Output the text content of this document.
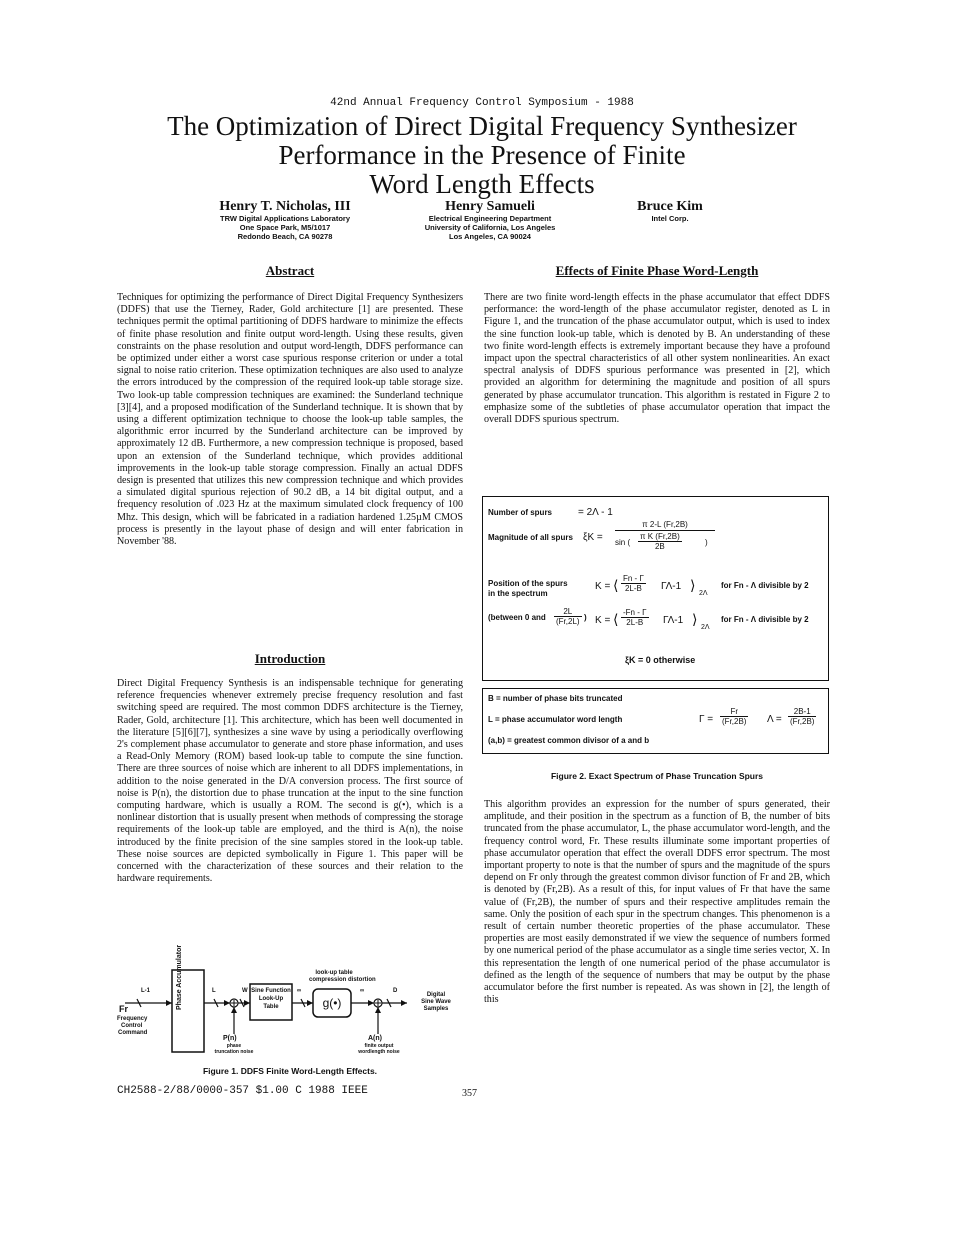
42nd Annual Frequency Control Symposium - 1988
The Optimization of Direct Digital Frequency Synthesizer
Performance in the Presence of Finite
Word Length Effects
Henry T. Nicholas, III
TRW Digital Applications Laboratory
One Space Park, M5/1017
Redondo Beach, CA 90278
Henry Samueli
Electrical Engineering Department
University of California, Los Angeles
Los Angeles, CA 90024
Bruce Kim
Intel Corp.
Abstract

Techniques for optimizing the performance of Direct Digital Frequency Synthesizers (DDFS) that use the Tierney, Rader, Gold architecture [1] are presented. These techniques permit the optimal partitioning of DDFS hardware to minimize the effects of finite phase resolution and finite output word-length. Using these results, given constraints on the phase resolution and output word-length, DDFS performance can be optimized under either a worst case spurious response criterion or under a total signal to noise ratio criterion. These optimization techniques are also used to analyze the errors introduced by the compression of the required look-up table storage size. Two look-up table compression techniques are examined: the Sunderland technique [3][4], and a proposed modification of the Sunderland technique. It is shown that by using a different optimization technique to choose the look-up table samples, the algorithmic error incurred by the Sunderland architecture can be improved by approximately 12 dB. Furthermore, a new compression technique is proposed, based upon an extension of the Sunderland technique, which provides additional improvements in the look-up table storage compression. Finally an actual DDFS design is presented that utilizes this new compression technique and which provides a simulated digital spurious rejection of 90.2 dB, a 14 bit digital output, and a frequency resolution of .023 Hz at the maximum simulated clock frequency of 100 Mhz. This design, which will be fabricated in a radiation hardened 1.25µM CMOS process is presently in the layout phase of design and will enter fabrication in November '88.

Introduction

Direct Digital Frequency Synthesis is an indispensable technique for generating reference frequencies whenever extremely precise frequency resolution and fast switching speed are required. The most common DDFS architecture is the Tierney, Rader, Gold, architecture [1]. This architecture, which has been well documented in the literature [5][6][7], synthesizes a sine wave by using a periodically overflowing 2's complement phase accumulator to generate and store phase information, and uses a Read-Only Memory (ROM) based look-up table to compute the sine function. There are three sources of noise which are inherent to all DDFS implementations, in addition to the noise generated in the D/A conversion process. The first source of noise is P(n), the distortion due to phase truncation at the input to the sine function computing hardware, which is usually a ROM. The second is g(•), which is a nonlinear distortion that is usually present when methods of compressing the storage requirements of the look-up table are employed, and the third is A(n), the noise introduced by the finite precision of the sine samples stored in the look-up table. These noise sources are depicted symbolically in Figure 1. This paper will be concerned with the characterization of these sources and their relation to the hardware requirements.

Fr
L-1
Frequency
Control
Command
Phase Accumulator	L	W Sine Function
Look-Up
Table
∞	∞
g(•)
look-up table
compression distortion
D
Digital
Sine Wave
Samples
P(n)
phase
truncation noise
A(n)
finite output
wordlength noise
Figure 1. DDFS Finite Word-Length Effects.
Effects of Finite Phase Word-Length

There are two finite word-length effects in the phase accumulator that effect DDFS performance: the word-length of the phase accumulator register, denoted as L in Figure 1, and the truncation of the phase accumulator output, which is used to index the sine function look-up table, which is denoted by B. An understanding of these two finite word-length effects is extremely important because they have a profound impact upon the spectral characteristics of all other system nonlinearities. An exact spectral analysis of DDFS spurious performance was presented in [2], which provided an algorithm for determining the magnitude and position of all spurs generated by phase accumulator truncation. This algorithm is restated in Figure 2 to emphasize some of the subtleties of phase accumulator operation that impact the overall DDFS spurious spectrum.

Number of spurs	= 2Λ - 1
Magnitude of all spurs ξK =
π 2-L (Fr,2B)
sin ( $\frac{\text{π K (Fr,2B)}}{2B}$	)
Position of the spurs
in the spectrum
K = ⟨ $\frac{Fn - \Gamma}{2L-B} \Gamma\Lambda-1$ ⟩
2Λ
for Fn - Λ divisible by 2
(between 0 and $\frac{2L}{(Fr,2L)}$ ) K = ⟨ $\frac{-Fn - \Gamma}{2L-B} \Gamma\Lambda-1$ ⟩
2Λ
for Fn - Λ divisible by 2
ξK = 0 otherwise
B = number of phase bits truncated
L = phase accumulator word length
(a,b) = greatest common divisor of a and b
$\Gamma = \frac{Fr}{(Fr,2B)}$ $\Lambda = \frac{2B-1}{(Fr,2B)}$
Figure 2. Exact Spectrum of Phase Truncation Spurs

This algorithm provides an expression for the number of spurs generated, their amplitude, and their position in the spectrum as a function of B, the number of bits truncated from the phase accumulator, L, the phase accumulator word-length, and the frequency control word, Fr. These results illuminate some important properties of phase accumulator operation that effect the overall DDFS error spectrum. The most important property to note is that the number of spurs and the magnitude of the spurs depend on Fr only through the greatest common divisor function of Fr and 2B, which is denoted by (Fr,2B). As a result of this, for input values of Fr that have the same value of (Fr,2B), the number of spurs and their respective amplitudes remain the same. Only the position of each spur in the spectrum changes. This phenomenon is a result of certain number theoretic properties of the phase accumulator. These properties are most easily demonstrated if we view the sequence of numbers formed by one numerical period of the phase accumulator as a single time series vector, X. In this representation the length of one numerical period of the phase accumulator is defined as the length of the sequence of numbers that may be output by the phase accumulator before the first number is repeated. As was shown in [2], the length of this

CH2588-2/88/0000-357 $1.00 C 1988 IEEE	357
